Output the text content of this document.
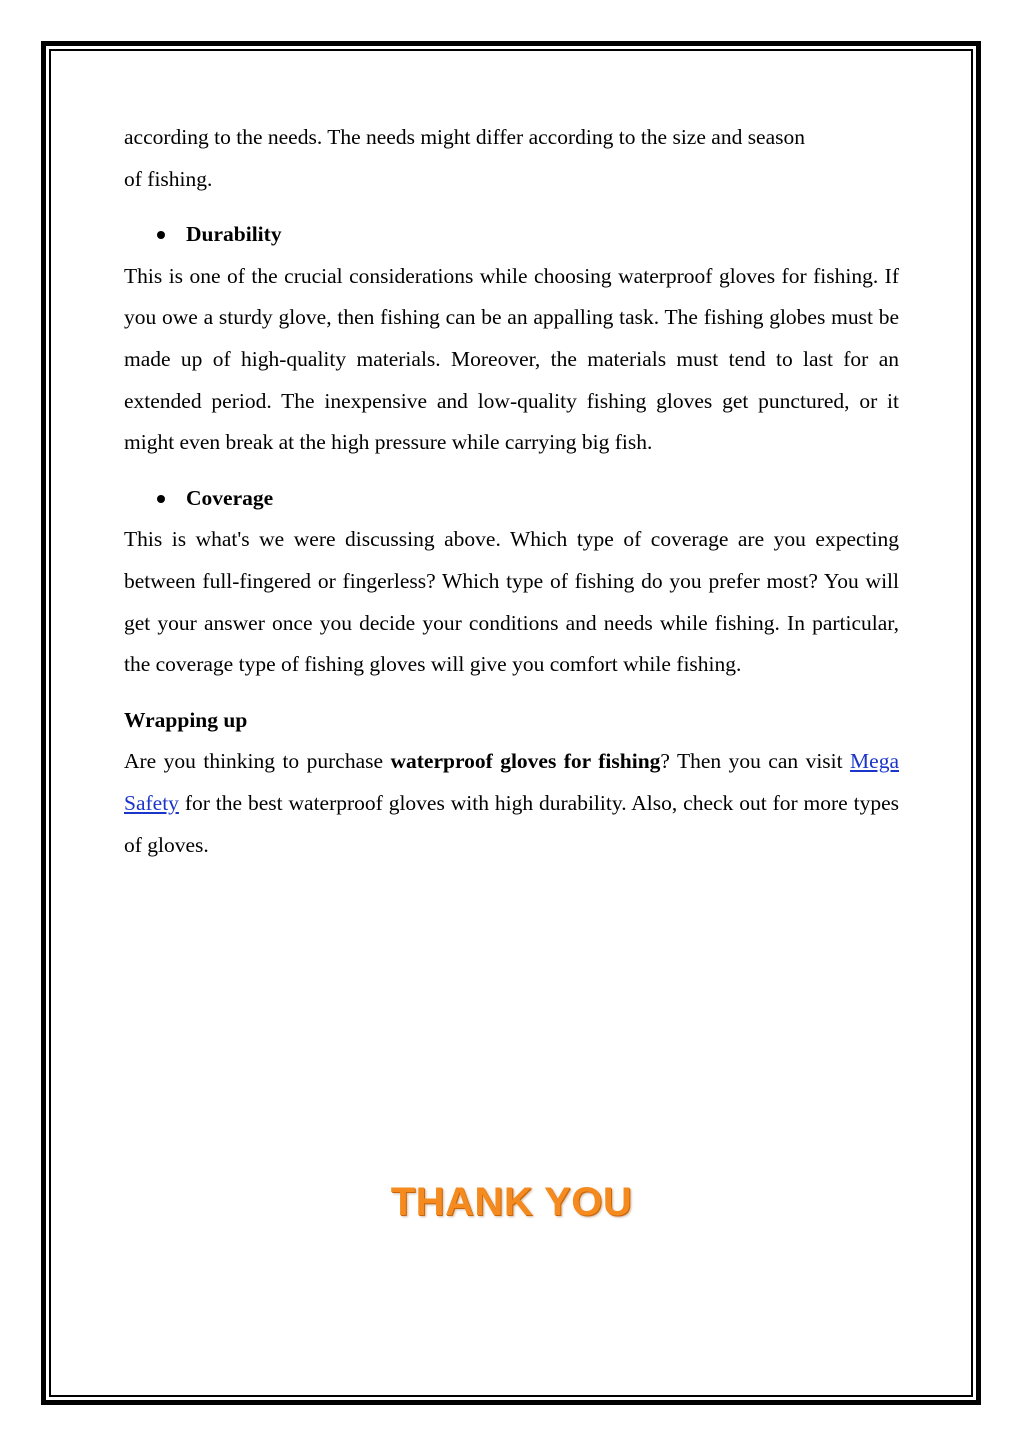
according to the needs. The needs might differ according to the size and season
of fishing.

Durability

This is one of the crucial considerations while choosing waterproof gloves for fishing. If you owe a sturdy glove, then fishing can be an appalling task. The fishing globes must be made up of high-quality materials. Moreover, the materials must tend to last for an extended period. The inexpensive and low-quality fishing gloves get punctured, or it might even break at the high pressure while carrying big fish.

Coverage

This is what's we were discussing above. Which type of coverage are you expecting between full-fingered or fingerless? Which type of fishing do you prefer most? You will get your answer once you decide your conditions and needs while fishing. In particular, the coverage type of fishing gloves will give you comfort while fishing.

Wrapping up

Are you thinking to purchase waterproof gloves for fishing? Then you can visit Mega Safety for the best waterproof gloves with high durability. Also, check out for more types of gloves.

THANK YOU
